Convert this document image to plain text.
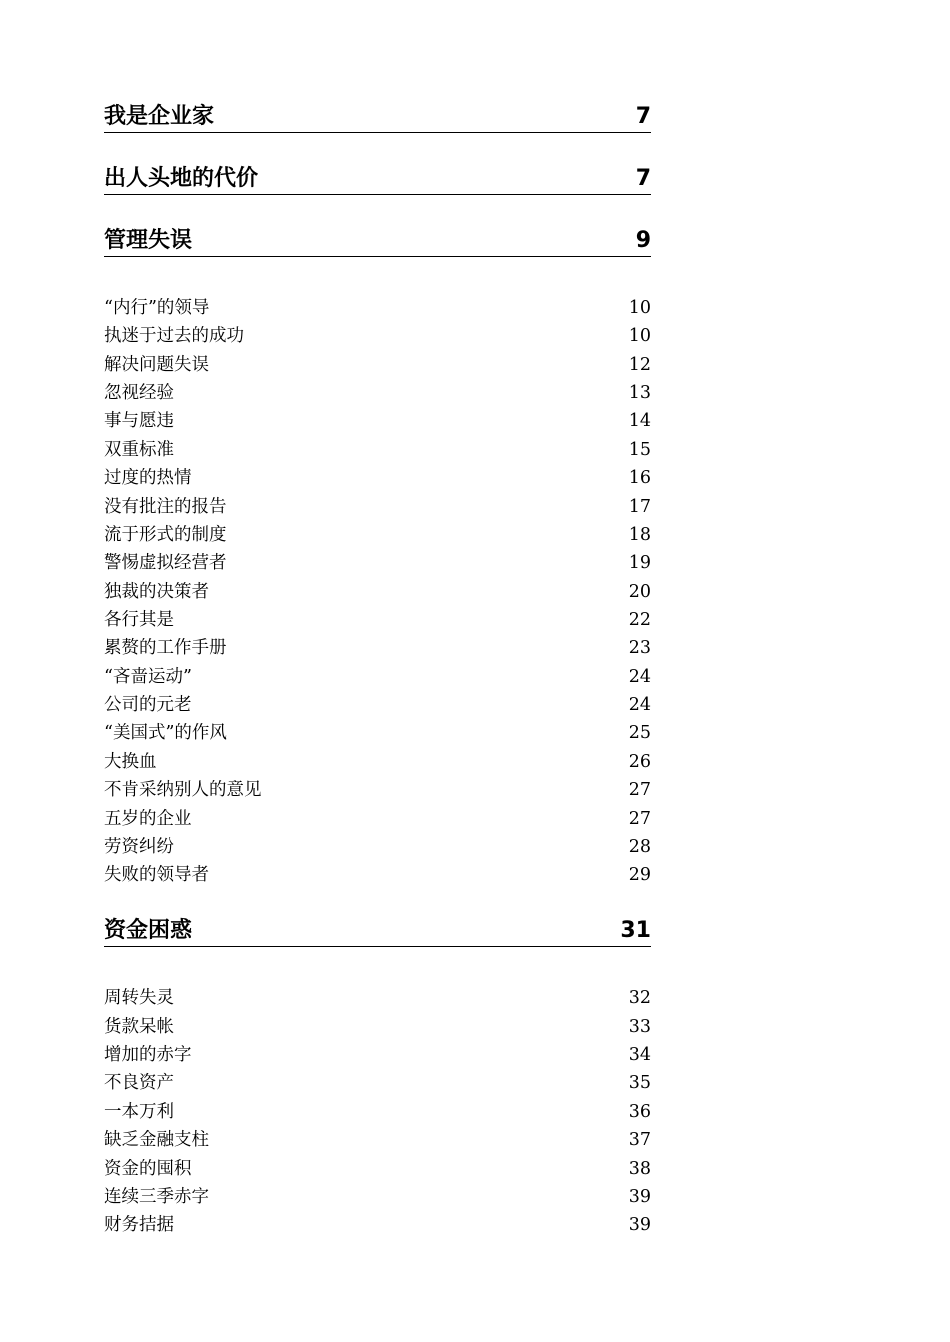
我是企业家	7
出人头地的代价	7
管理失误	9
“内行”的领导	10
执迷于过去的成功	10
解决问题失误	12
忽视经验	13
事与愿违	14
双重标准	15
过度的热情	16
没有批注的报告	17
流于形式的制度	18
警惕虚拟经营者	19
独裁的决策者	20
各行其是	22
累赘的工作手册	23
“吝啬运动”	24
公司的元老	24
“美国式”的作风	25
大换血	26
不肯采纳别人的意见	27
五岁的企业	27
劳资纠纷	28
失败的领导者	29
资金困惑	31
周转失灵	32
货款呆帐	33
增加的赤字	34
不良资产	35
一本万利	36
缺乏金融支柱	37
资金的囤积	38
连续三季赤字	39
财务拮据	39
